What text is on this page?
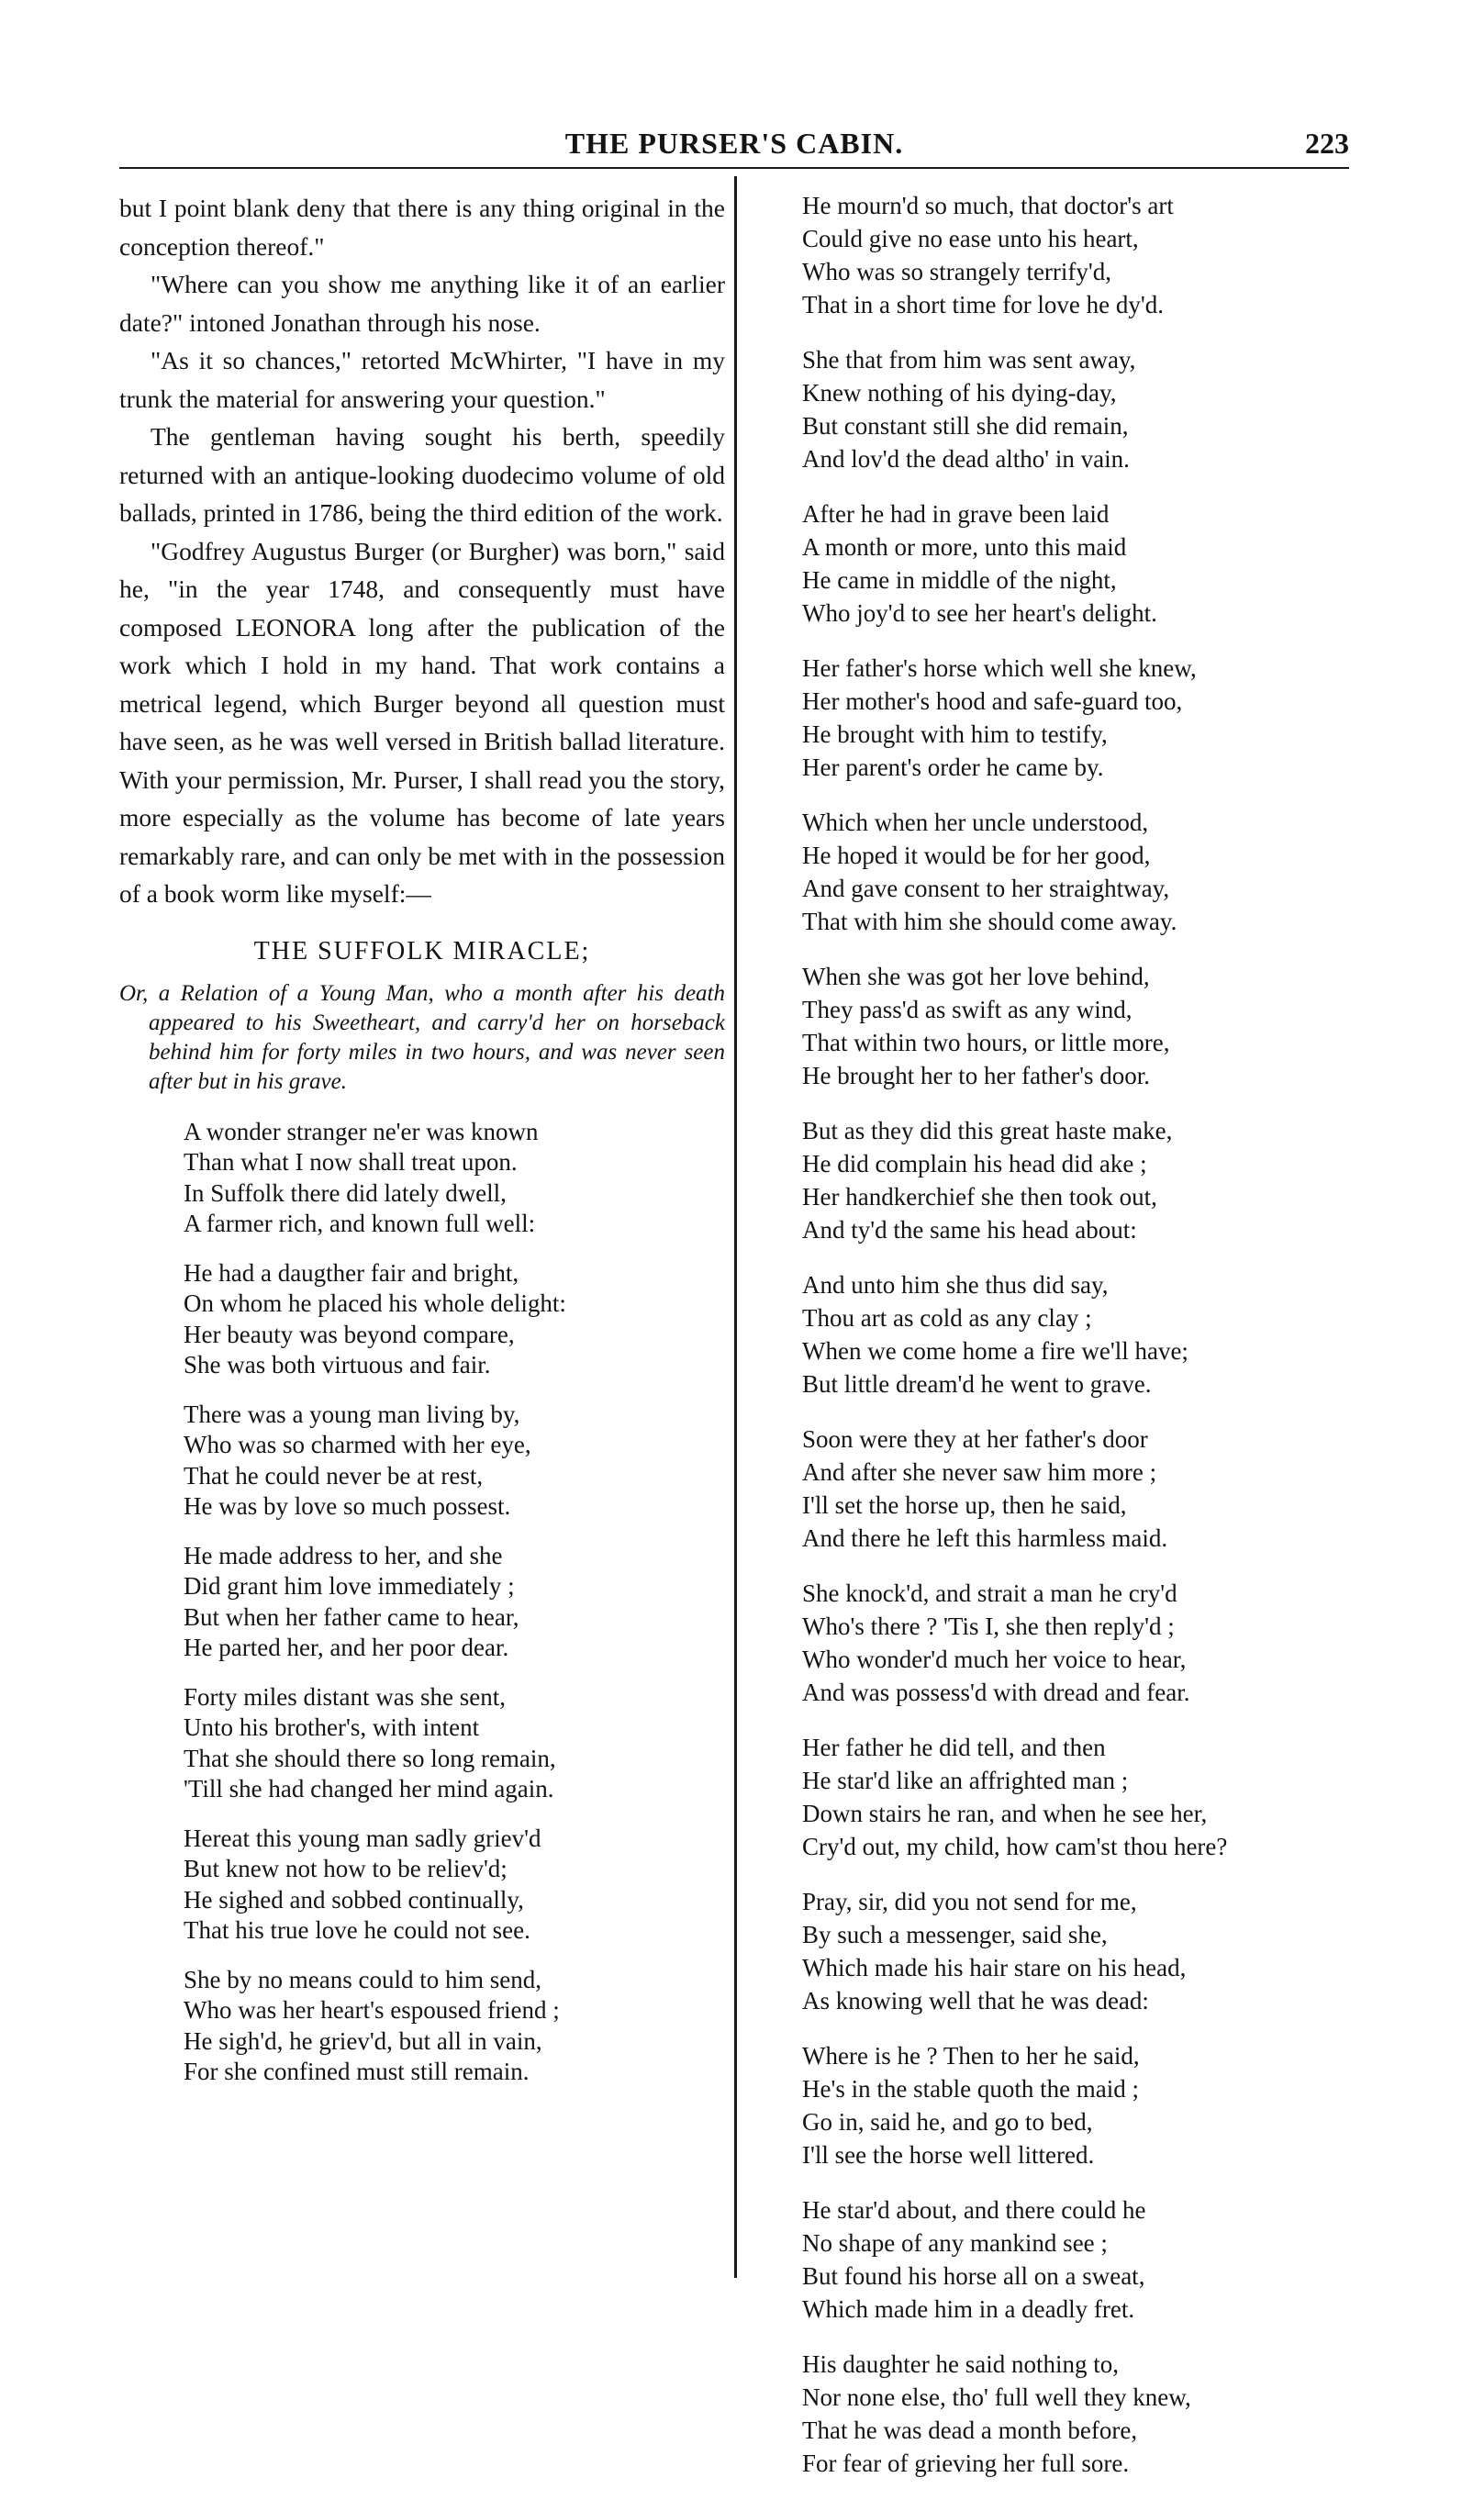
THE PURSER'S CABIN.	223

but I point blank deny that there is any thing original in the conception thereof."

"Where can you show me anything like it of an earlier date?" intoned Jonathan through his nose.

"As it so chances," retorted McWhirter, "I have in my trunk the material for answering your question."

The gentleman having sought his berth, speedily returned with an antique-looking duodecimo volume of old ballads, printed in 1786, being the third edition of the work.

"Godfrey Augustus Burger (or Burgher) was born," said he, "in the year 1748, and consequently must have composed LEONORA long after the publication of the work which I hold in my hand. That work contains a metrical legend, which Burger beyond all question must have seen, as he was well versed in British ballad literature. With your permission, Mr. Purser, I shall read you the story, more especially as the volume has become of late years remarkably rare, and can only be met with in the possession of a book worm like myself:—

THE SUFFOLK MIRACLE;
Or, a Relation of a Young Man, who a month after his death appeared to his Sweetheart, and carry'd her on horseback behind him for forty miles in two hours, and was never seen after but in his grave.
A wonder stranger ne'er was known
Than what I now shall treat upon.
In Suffolk there did lately dwell,
A farmer rich, and known full well:
He had a daugther fair and bright,
On whom he placed his whole delight:
Her beauty was beyond compare,
She was both virtuous and fair.
There was a young man living by,
Who was so charmed with her eye,
That he could never be at rest,
He was by love so much possest.
He made address to her, and she
Did grant him love immediately ;
But when her father came to hear,
He parted her, and her poor dear.
Forty miles distant was she sent,
Unto his brother's, with intent
That she should there so long remain,
'Till she had changed her mind again.
Hereat this young man sadly griev'd
But knew not how to be reliev'd;
He sighed and sobbed continually,
That his true love he could not see.
She by no means could to him send,
Who was her heart's espoused friend ;
He sigh'd, he griev'd, but all in vain,
For she confined must still remain.
He mourn'd so much, that doctor's art
Could give no ease unto his heart,
Who was so strangely terrify'd,
That in a short time for love he dy'd.
She that from him was sent away,
Knew nothing of his dying-day,
But constant still she did remain,
And lov'd the dead altho' in vain.
After he had in grave been laid
A month or more, unto this maid
He came in middle of the night,
Who joy'd to see her heart's delight.
Her father's horse which well she knew,
Her mother's hood and safe-guard too,
He brought with him to testify,
Her parent's order he came by.
Which when her uncle understood,
He hoped it would be for her good,
And gave consent to her straightway,
That with him she should come away.
When she was got her love behind,
They pass'd as swift as any wind,
That within two hours, or little more,
He brought her to her father's door.
But as they did this great haste make,
He did complain his head did ake ;
Her handkerchief she then took out,
And ty'd the same his head about:
And unto him she thus did say,
Thou art as cold as any clay ;
When we come home a fire we'll have;
But little dream'd he went to grave.
Soon were they at her father's door
And after she never saw him more ;
I'll set the horse up, then he said,
And there he left this harmless maid.
She knock'd, and strait a man he cry'd
Who's there ? 'Tis I, she then reply'd ;
Who wonder'd much her voice to hear,
And was possess'd with dread and fear.
Her father he did tell, and then
He star'd like an affrighted man ;
Down stairs he ran, and when he see her,
Cry'd out, my child, how cam'st thou here?
Pray, sir, did you not send for me,
By such a messenger, said she,
Which made his hair stare on his head,
As knowing well that he was dead:
Where is he ? Then to her he said,
He's in the stable quoth the maid ;
Go in, said he, and go to bed,
I'll see the horse well littered.
He star'd about, and there could he
No shape of any mankind see ;
But found his horse all on a sweat,
Which made him in a deadly fret.
His daughter he said nothing to,
Nor none else, tho' full well they knew,
That he was dead a month before,
For fear of grieving her full sore.
